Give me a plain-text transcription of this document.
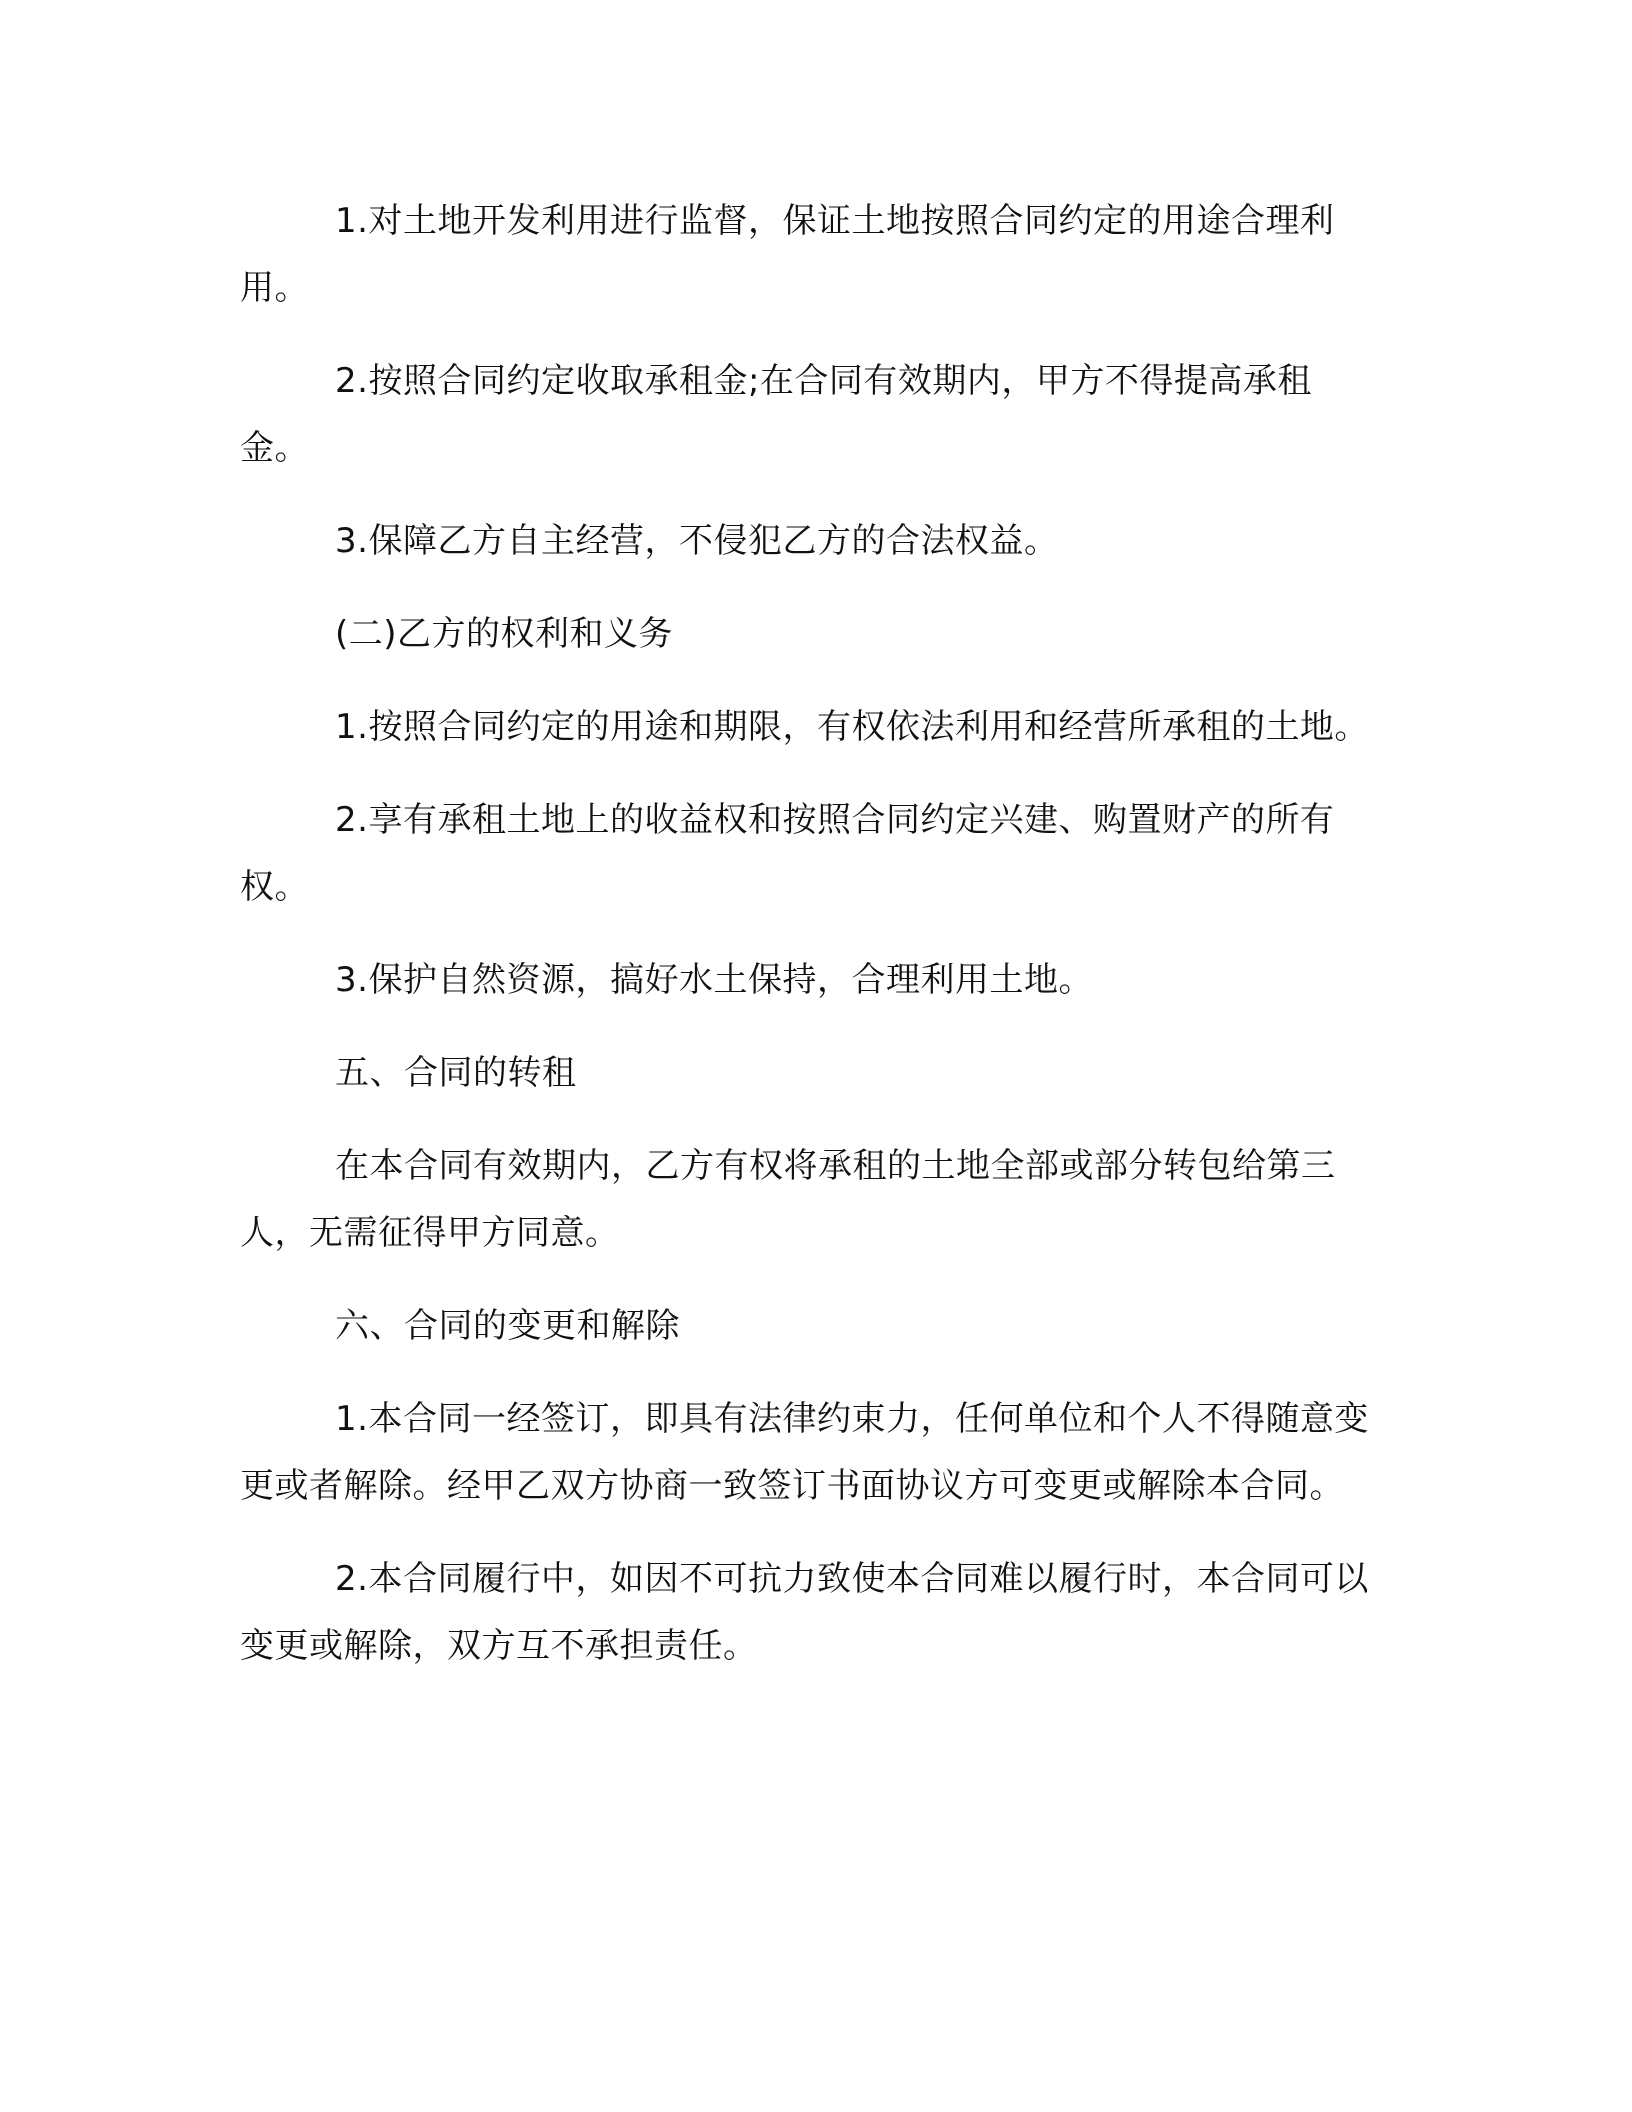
1.对土地开发利用进行监督，保证土地按照合同约定的用途合理利用。

2.按照合同约定收取承租金;在合同有效期内，甲方不得提高承租金。

3.保障乙方自主经营，不侵犯乙方的合法权益。

(二)乙方的权利和义务

1.按照合同约定的用途和期限，有权依法利用和经营所承租的土地。

2.享有承租土地上的收益权和按照合同约定兴建、购置财产的所有权。

3.保护自然资源，搞好水土保持，合理利用土地。

五、合同的转租

在本合同有效期内，乙方有权将承租的土地全部或部分转包给第三人，无需征得甲方同意。

六、合同的变更和解除

1.本合同一经签订，即具有法律约束力，任何单位和个人不得随意变更或者解除。经甲乙双方协商一致签订书面协议方可变更或解除本合同。

2.本合同履行中，如因不可抗力致使本合同难以履行时，本合同可以变更或解除，双方互不承担责任。
